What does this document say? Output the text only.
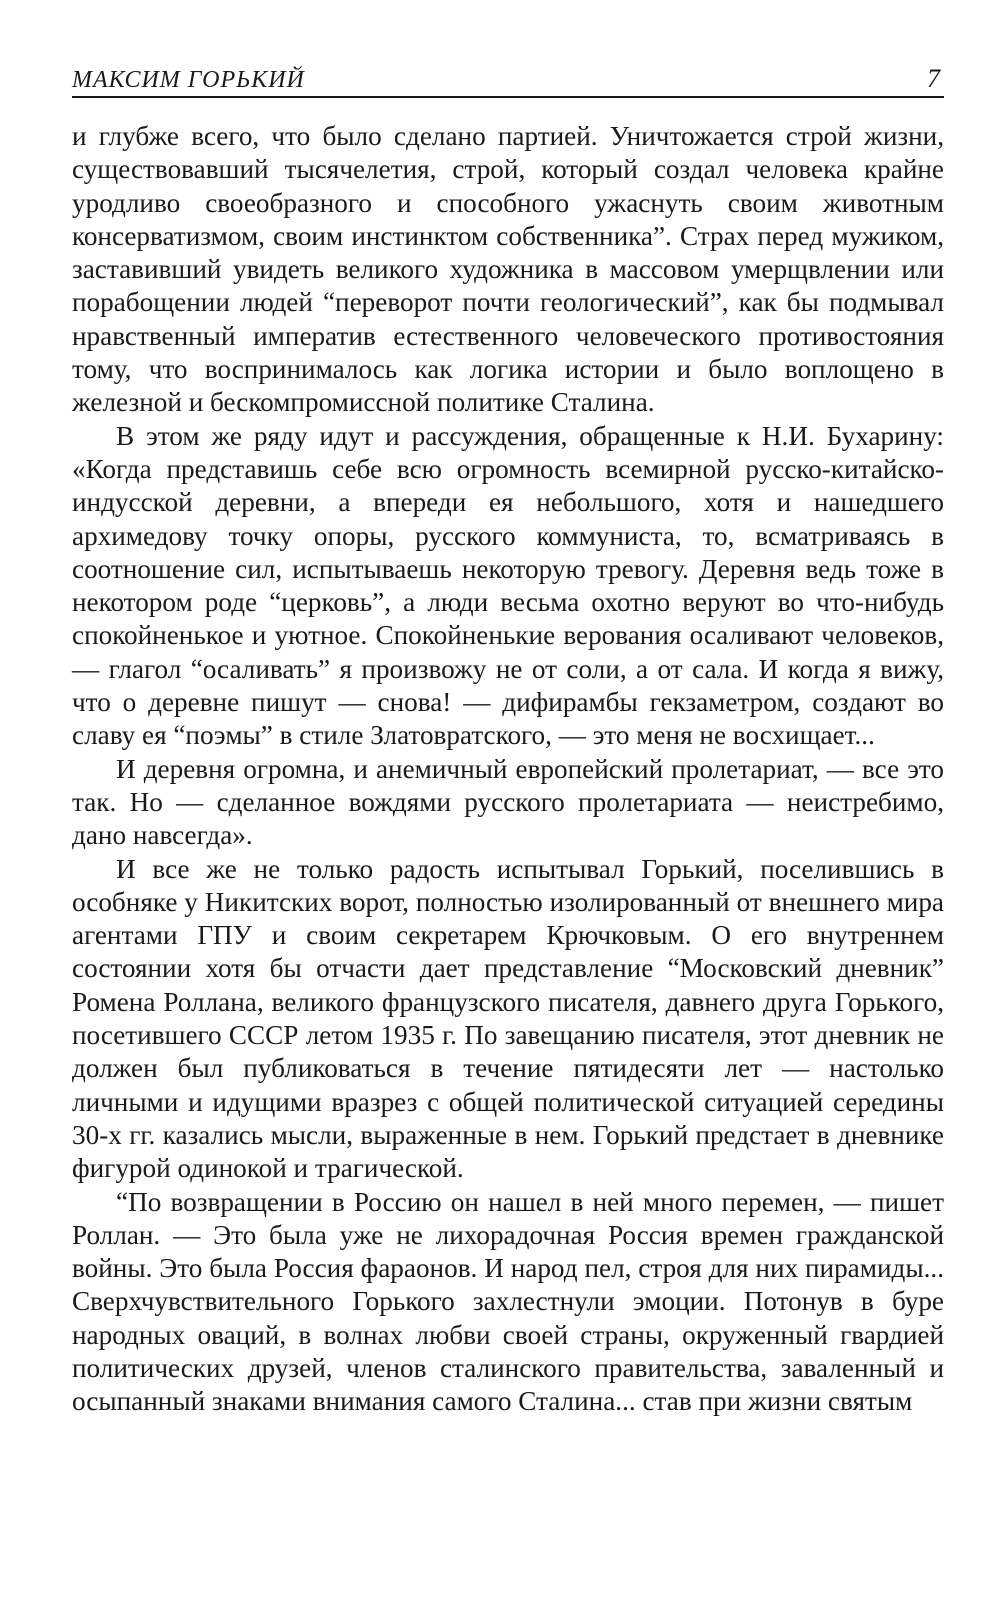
МАКСИМ ГОРЬКИЙ	7

и глубже всего, что было сделано партией. Уничтожается строй жизни, существовавший тысячелетия, строй, который создал человека крайне уродливо своеобразного и способного ужаснуть своим животным консерватизмом, своим инстинктом собственника”. Страх перед мужиком, заставивший увидеть великого художника в массовом умерщвлении или порабощении людей “переворот почти геологический”, как бы подмывал нравственный императив естественного человеческого противостояния тому, что воспринималось как логика истории и было воплощено в железной и бескомпромиссной политике Сталина.

В этом же ряду идут и рассуждения, обращенные к Н.И. Бухарину: «Когда представишь себе всю огромность всемирной русско-китайско-индусской деревни, а впереди ея небольшого, хотя и нашедшего архимедову точку опоры, русского коммуниста, то, всматриваясь в соотношение сил, испытываешь некоторую тревогу. Деревня ведь тоже в некотором роде “церковь”, а люди весьма охотно веруют во что-нибудь спокойненькое и уютное. Спокойненькие верования осаливают человеков, — глагол “осаливать” я произвожу не от соли, а от сала. И когда я вижу, что о деревне пишут — снова! — дифирамбы гекзаметром, создают во славу ея “поэмы” в стиле Златовратского, — это меня не восхищает...

И деревня огромна, и анемичный европейский пролетариат, — все это так. Но — сделанное вождями русского пролетариата — неистребимо, дано навсегда».

И все же не только радость испытывал Горький, поселившись в особняке у Никитских ворот, полностью изолированный от внешнего мира агентами ГПУ и своим секретарем Крючковым. О его внутреннем состоянии хотя бы отчасти дает представление “Московский дневник” Ромена Роллана, великого французского писателя, давнего друга Горького, посетившего СССР летом 1935 г. По завещанию писателя, этот дневник не должен был публиковаться в течение пятидесяти лет — настолько личными и идущими вразрез с общей политической ситуацией середины 30-х гг. казались мысли, выраженные в нем. Горький предстает в дневнике фигурой одинокой и трагической.

“По возвращении в Россию он нашел в ней много перемен, — пишет Роллан. — Это была уже не лихорадочная Россия времен гражданской войны. Это была Россия фараонов. И народ пел, строя для них пирамиды... Сверхчувствительного Горького захлестнули эмоции. Потонув в буре народных оваций, в волнах любви своей страны, окруженный гвардией политических друзей, членов сталинского правительства, заваленный и осыпанный знаками внимания самого Сталина... став при жизни святым
